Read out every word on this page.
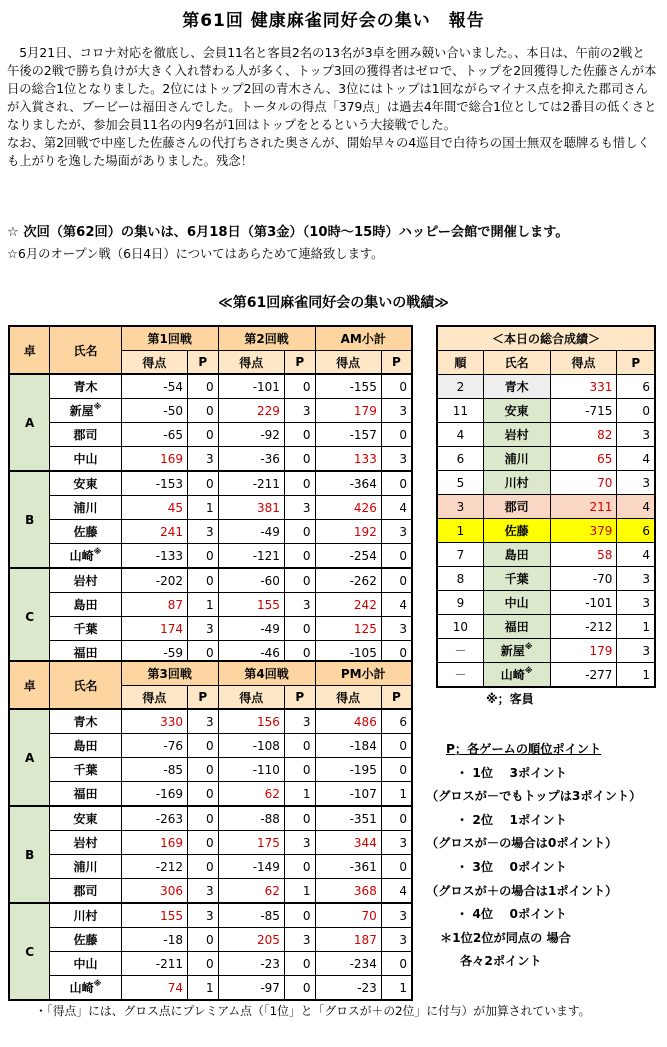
第61回 健康麻雀同好会の集い　報告

5月21日、コロナ対応を徹底し、会員11名と客員2名の13名が3卓を囲み競い合いました。、本日は、午前の2戦と午後の2戦で勝ち負けが大きく入れ替わる人が多く、トップ3回の獲得者はゼロで、トップを2回獲得した佐藤さんが本日の総合1位となりました。2位にはトップ2回の青木さん、3位にはトップは1回ながらマイナス点を抑えた郡司さんが入賞され、ブービーは福田さんでした。トータルの得点「379点」は過去4年間で総合1位としては2番目の低くさとなりましたが、参加会員11名の内9名が1回はトップをとるという大接戦でした。

なお、第2回戦で中座した佐藤さんの代打ちされた奥さんが、開始早々の4巡目で白待ちの国士無双を聴牌るも惜しくも上がりを逸した場面がありました。残念！

☆ 次回（第62回）の集いは、6月18日（第3金）（10時～15時）ハッピー会館で開催します。
☆6月のオープン戦（6日4日）についてはあらためて連絡致します。
≪第61回麻雀同好会の集いの戦績≫
卓	氏名	第1回戦		第2回戦		AM小計	
		得点	P	得点	P	得点	P
A	青木	-54	0	-101	0	-155	0
	新屋※	-50	0	229	3	179	3
	郡司	-65	0	-92	0	-157	0
	中山	169	3	-36	0	133	3
B	安東	-153	0	-211	0	-364	0
	浦川	45	1	381	3	426	4
	佐藤	241	3	-49	0	192	3
	山崎※	-133	0	-121	0	-254	0
C	岩村	-202	0	-60	0	-262	0
	島田	87	1	155	3	242	4
	千葉	174	3	-49	0	125	3
	福田	-59	0	-46	0	-105	0
卓	氏名	第3回戦		第4回戦		PM小計	
		得点	P	得点	P	得点	P
A	青木	330	3	156	3	486	6
	島田	-76	0	-108	0	-184	0
	千葉	-85	0	-110	0	-195	0
	福田	-169	0	62	1	-107	1
B	安東	-263	0	-88	0	-351	0
	岩村	169	0	175	3	344	3
	浦川	-212	0	-149	0	-361	0
	郡司	306	3	62	1	368	4
C	川村	155	3	-85	0	70	3
	佐藤	-18	0	205	3	187	3
	中山	-211	0	-23	0	-234	0
	山崎※	74	1	-97	0	-23	1
＜本日の総合成績＞			
順	氏名	得点	P
2	青木	331	6
11	安東	-715	0
4	岩村	82	3
6	浦川	65	4
5	川村	70	3
3	郡司	211	4
1	佐藤	379	6
7	島田	58	4
8	千葉	-70	3
9	中山	-101	3
10	福田	-212	1
－	新屋※	179	3
－	山崎※	-277	1
※；客員
P；各ゲームの順位ポイント
・ 1位　 3ポイント
（グロスが－でもトップは3ポイント）
・ 2位　 1ポイント
（グロスが－の場合は0ポイント）
・ 3位　 0ポイント
（グロスが＋の場合は1ポイント）
・ 4位　 0ポイント
＊1位2位が同点の 場合
各々2ポイント
・「得点」には、グロス点にプレミアム点（「1位」と「グロスが＋の2位」に付与）が加算されています。
